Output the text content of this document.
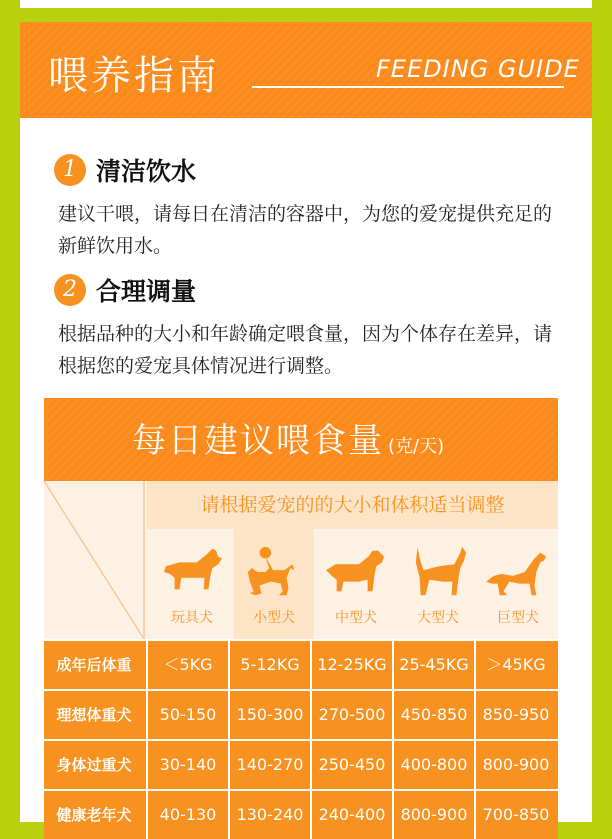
喂养指南	FEEDING GUIDE
1 清洁饮水
建议干喂，请每日在清洁的容器中，为您的爱宠提供充足的新鲜饮用水。
2 合理调量
根据品种的大小和年龄确定喂食量，因为个体存在差异，请根据您的爱宠具体情况进行调整。
每日建议喂食量 (克/天)
请根据爱宠的的大小和体积适当调整
玩具犬	小型犬	中型犬	大型犬	巨型犬
成年后体重	＜5KG	5-12KG	12-25KG 25-45KG	＞45KG
理想体重犬	50-150	150-300 270-500 450-850 850-950
身体过重犬	30-140	140-270 250-450 400-800 800-900
健康老年犬	40-130	130-240 240-400 800-900 700-850
